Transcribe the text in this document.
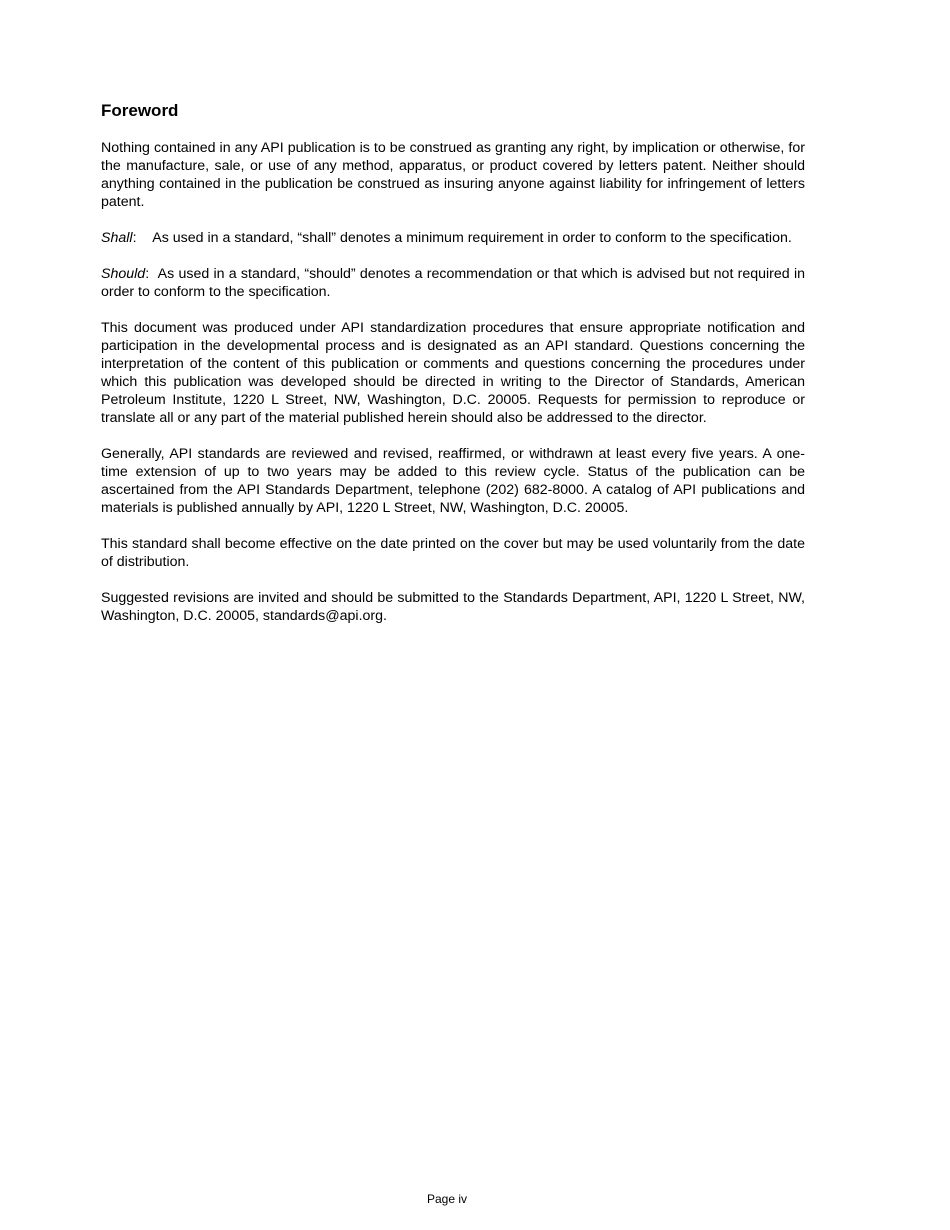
Foreword

Nothing contained in any API publication is to be construed as granting any right, by implication or otherwise, for the manufacture, sale, or use of any method, apparatus, or product covered by letters patent. Neither should anything contained in the publication be construed as insuring anyone against liability for infringement of letters patent.

Shall:    As used in a standard, “shall” denotes a minimum requirement in order to conform to the specification.

Should:  As used in a standard, “should” denotes a recommendation or that which is advised but not required in order to conform to the specification.

This document was produced under API standardization procedures that ensure appropriate notification and participation in the developmental process and is designated as an API standard. Questions concerning the interpretation of the content of this publication or comments and questions concerning the procedures under which this publication was developed should be directed in writing to the Director of Standards, American Petroleum Institute, 1220 L Street, NW, Washington, D.C. 20005. Requests for permission to reproduce or translate all or any part of the material published herein should also be addressed to the director.

Generally, API standards are reviewed and revised, reaffirmed, or withdrawn at least every five years. A one-time extension of up to two years may be added to this review cycle. Status of the publication can be ascertained from the API Standards Department, telephone (202) 682-8000. A catalog of API publications and materials is published annually by API, 1220 L Street, NW, Washington, D.C. 20005.

This standard shall become effective on the date printed on the cover but may be used voluntarily from the date of distribution.

Suggested revisions are invited and should be submitted to the Standards Department, API, 1220 L Street, NW, Washington, D.C. 20005, standards@api.org.

Page iv
